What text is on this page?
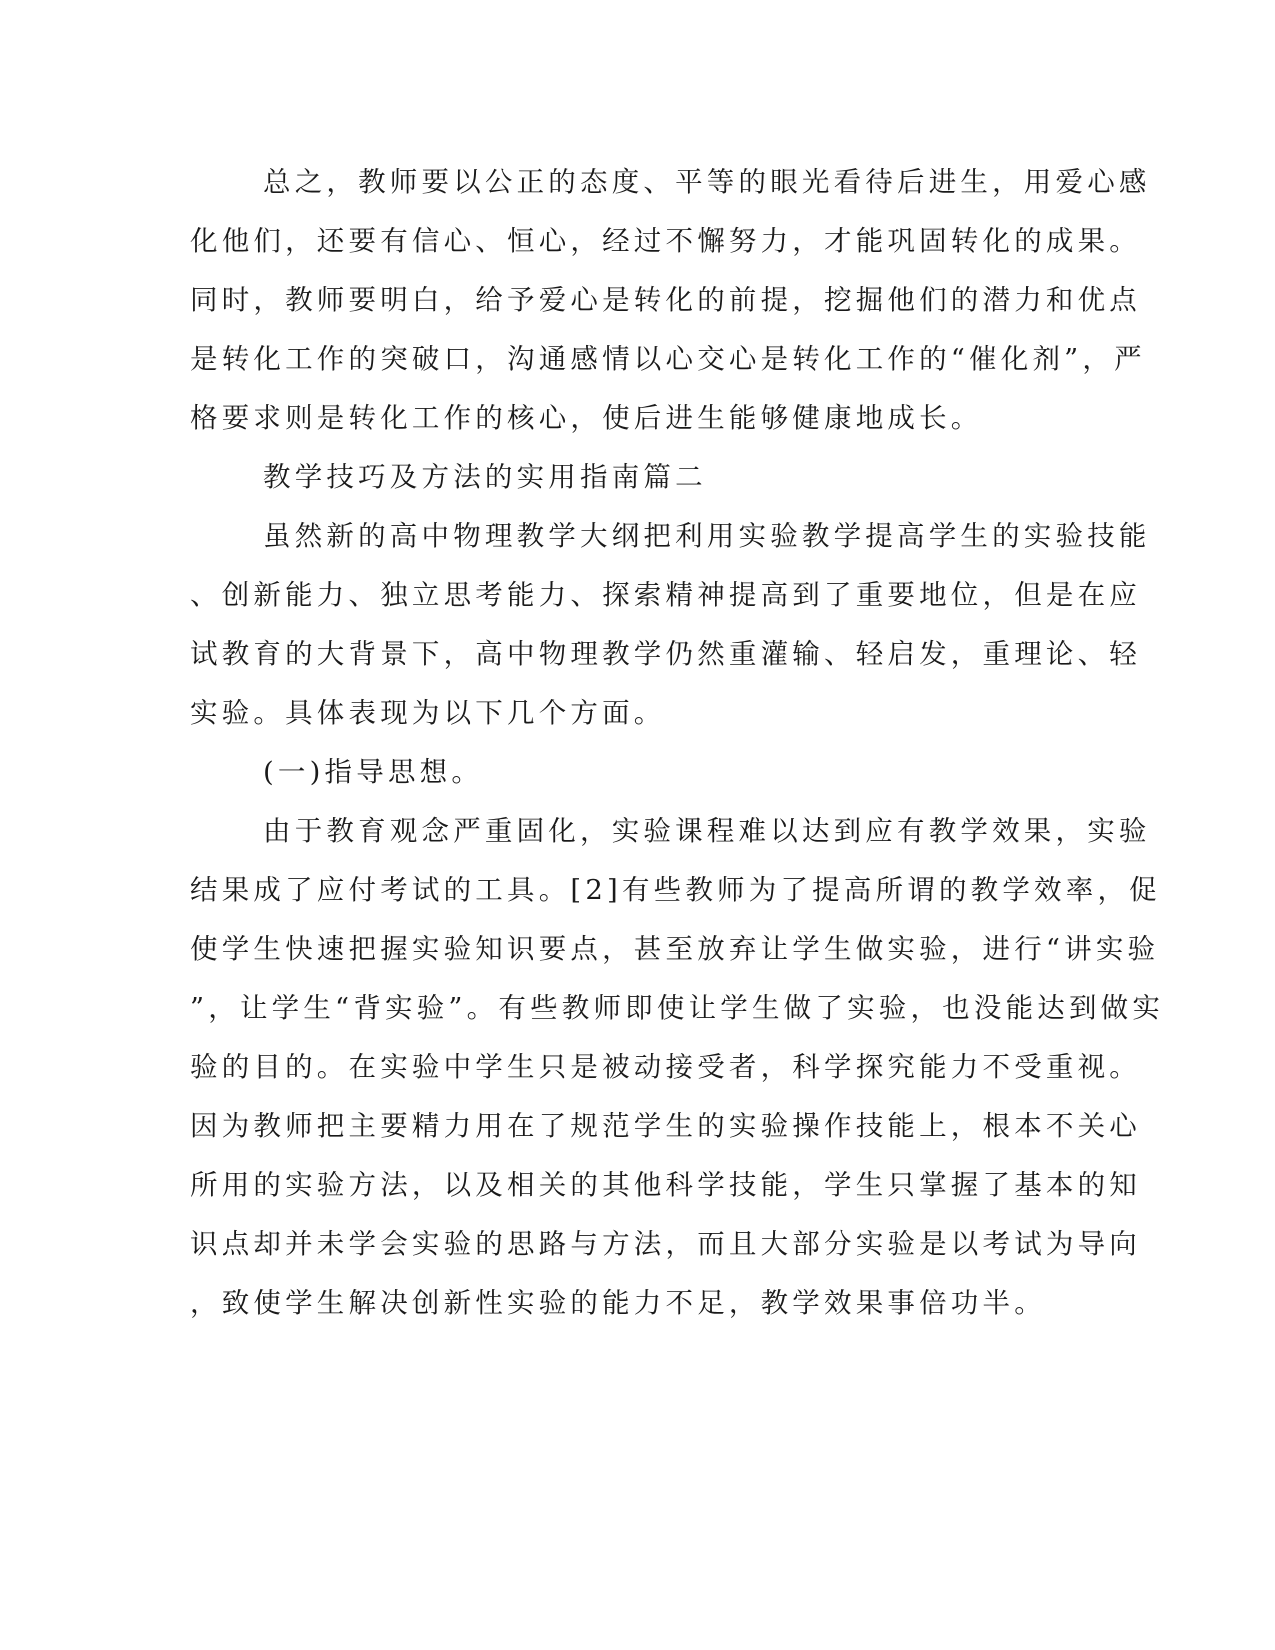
总之，教师要以公正的态度、平等的眼光看待后进生，用爱心感
化他们，还要有信心、恒心，经过不懈努力，才能巩固转化的成果。
同时，教师要明白，给予爱心是转化的前提，挖掘他们的潜力和优点
是转化工作的突破口，沟通感情以心交心是转化工作的“催化剂”，严
格要求则是转化工作的核心，使后进生能够健康地成长。
教学技巧及方法的实用指南篇二
虽然新的高中物理教学大纲把利用实验教学提高学生的实验技能
、创新能力、独立思考能力、探索精神提高到了重要地位，但是在应
试教育的大背景下，高中物理教学仍然重灌输、轻启发，重理论、轻
实验。具体表现为以下几个方面。
(一)指导思想。
由于教育观念严重固化，实验课程难以达到应有教学效果，实验
结果成了应付考试的工具。[2]有些教师为了提高所谓的教学效率，促
使学生快速把握实验知识要点，甚至放弃让学生做实验，进行“讲实验
”，让学生“背实验”。有些教师即使让学生做了实验，也没能达到做实
验的目的。在实验中学生只是被动接受者，科学探究能力不受重视。
因为教师把主要精力用在了规范学生的实验操作技能上，根本不关心
所用的实验方法，以及相关的其他科学技能，学生只掌握了基本的知
识点却并未学会实验的思路与方法，而且大部分实验是以考试为导向
，致使学生解决创新性实验的能力不足，教学效果事倍功半。
